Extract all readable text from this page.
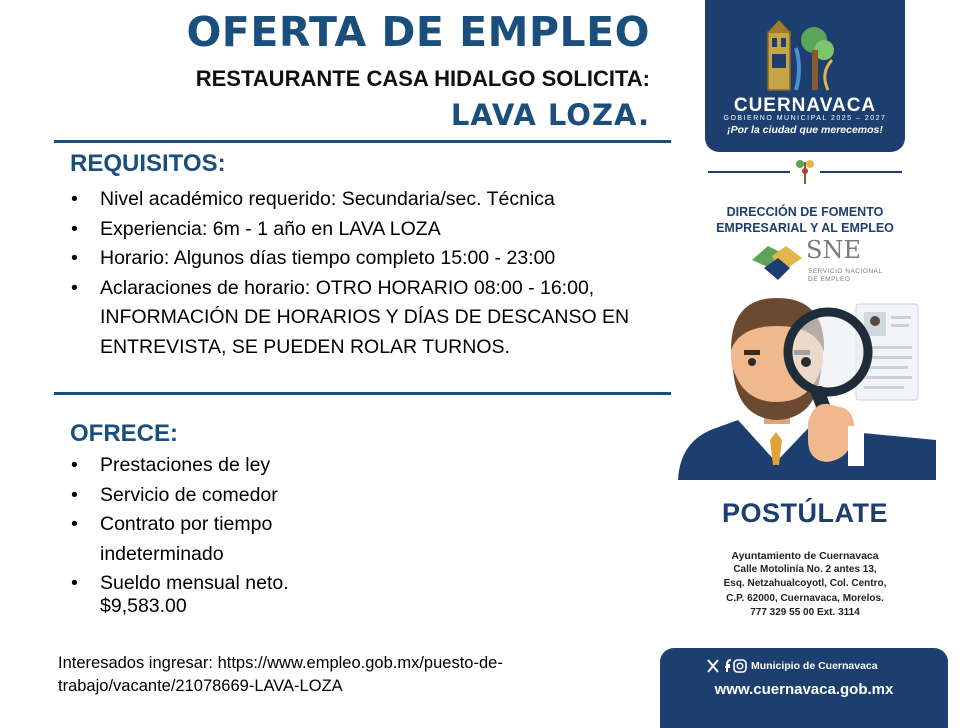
OFERTA DE EMPLEO
RESTAURANTE CASA HIDALGO SOLICITA:
LAVA LOZA.
REQUISITOS:
• Nivel académico requerido: Secundaria/sec. Técnica
• Experiencia: 6m - 1 año en LAVA LOZA
• Horario: Algunos días tiempo completo 15:00 - 23:00
• Aclaraciones de horario: OTRO HORARIO 08:00 - 16:00, INFORMACIÓN DE HORARIOS Y DÍAS DE DESCANSO EN ENTREVISTA, SE PUEDEN ROLAR TURNOS.
OFRECE:
• Prestaciones de ley
• Servicio de comedor
• Contrato por tiempo indeterminado
• Sueldo mensual neto.
$9,583.00
Interesados ingresar: https://www.empleo.gob.mx/puesto-de-trabajo/vacante/21078669-LAVA-LOZA
CUERNAVACA
GOBIERNO MUNICIPAL 2025 – 2027
¡Por la ciudad que merecemos!
DIRECCIÓN DE FOMENTO
EMPRESARIAL Y AL EMPLEO
SNE
SERVICIO NACIONAL
DE EMPLEO
POSTÚLATE
Ayuntamiento de Cuernavaca
Calle Motolinía No. 2 antes 13,
Esq. Netzahualcoyotl, Col. Centro,
C.P. 62000, Cuernavaca, Morelos.
777 329 55 00 Ext. 3114
Municipio de Cuernavaca
www.cuernavaca.gob.mx
